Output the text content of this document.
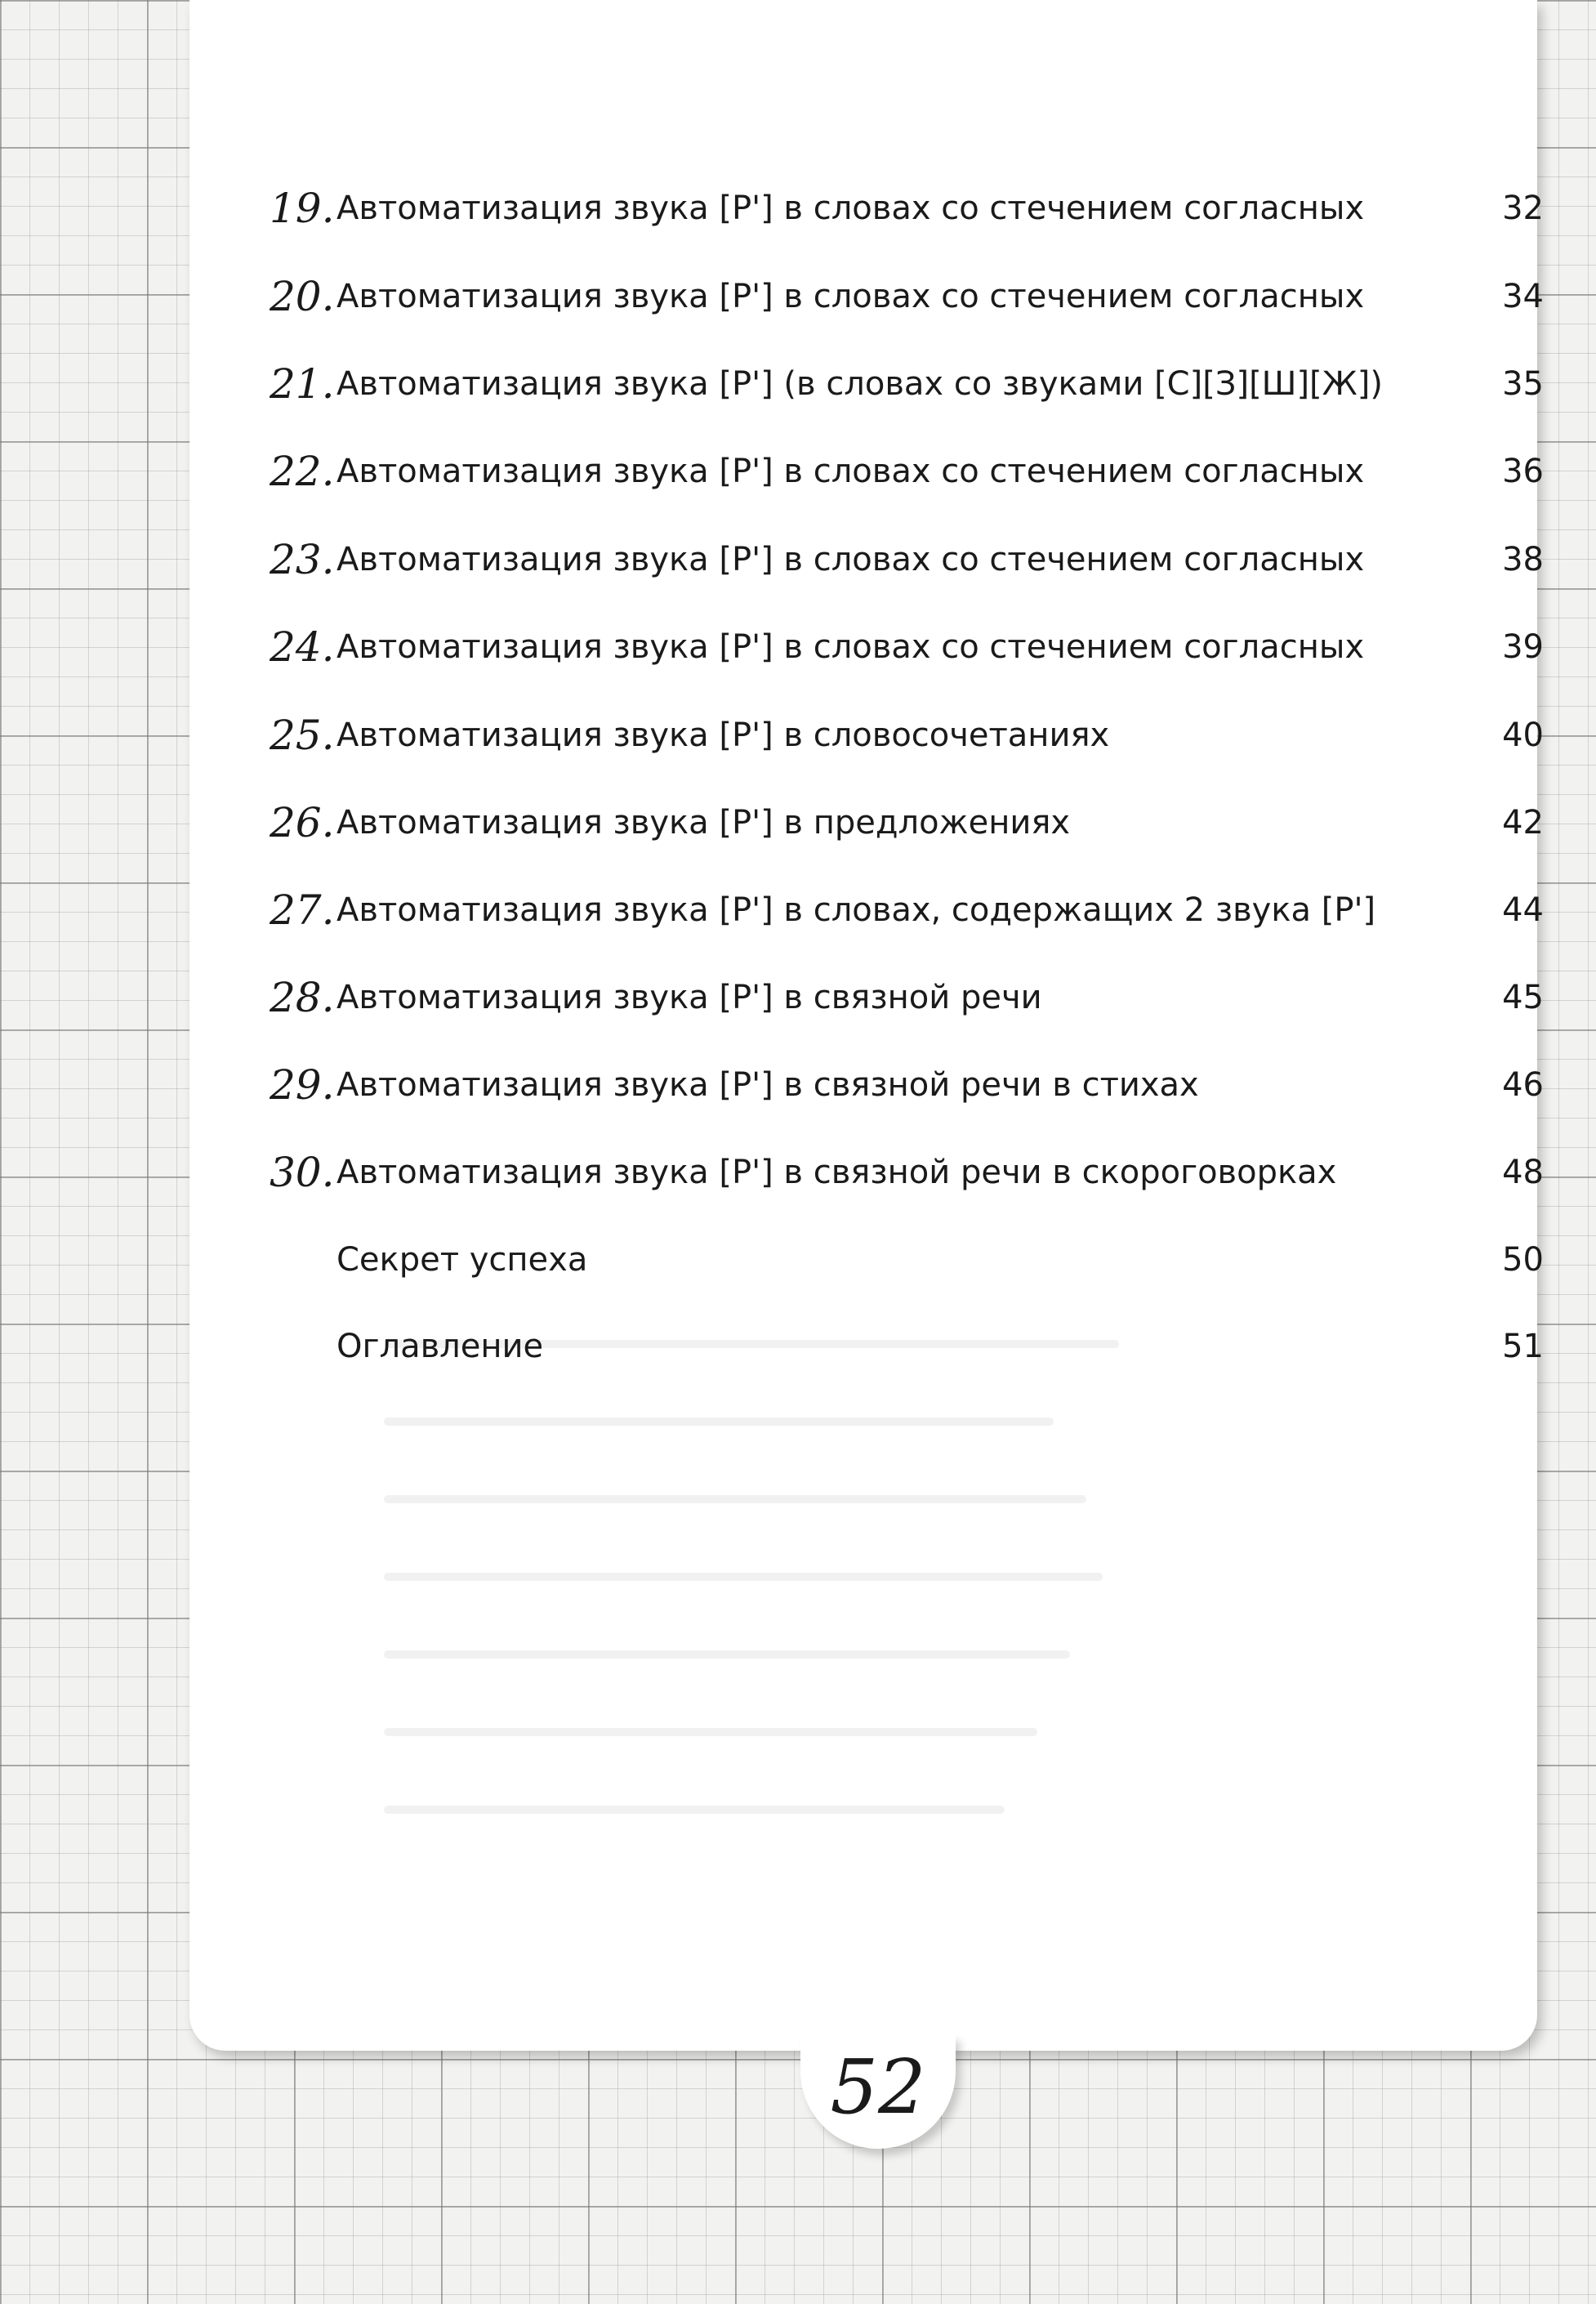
52
19. Автоматизация звука [Р'] в словах со стечением согласных	32
20. Автоматизация звука [Р'] в словах со стечением согласных	34
21. Автоматизация звука [Р'] (в словах со звуками [С][З][Ш][Ж])	35
22. Автоматизация звука [Р'] в словах со стечением согласных	36
23. Автоматизация звука [Р'] в словах со стечением согласных	38
24. Автоматизация звука [Р'] в словах со стечением согласных	39
25. Автоматизация звука [Р'] в словосочетаниях	40
26. Автоматизация звука [Р'] в предложениях	42
27. Автоматизация звука [Р'] в словах, содержащих 2 звука [Р']	44
28. Автоматизация звука [Р'] в связной речи	45
29. Автоматизация звука [Р'] в связной речи в стихах	46
30. Автоматизация звука [Р'] в связной речи в скороговорках	48
Секрет успеха	50
Оглавление	51
